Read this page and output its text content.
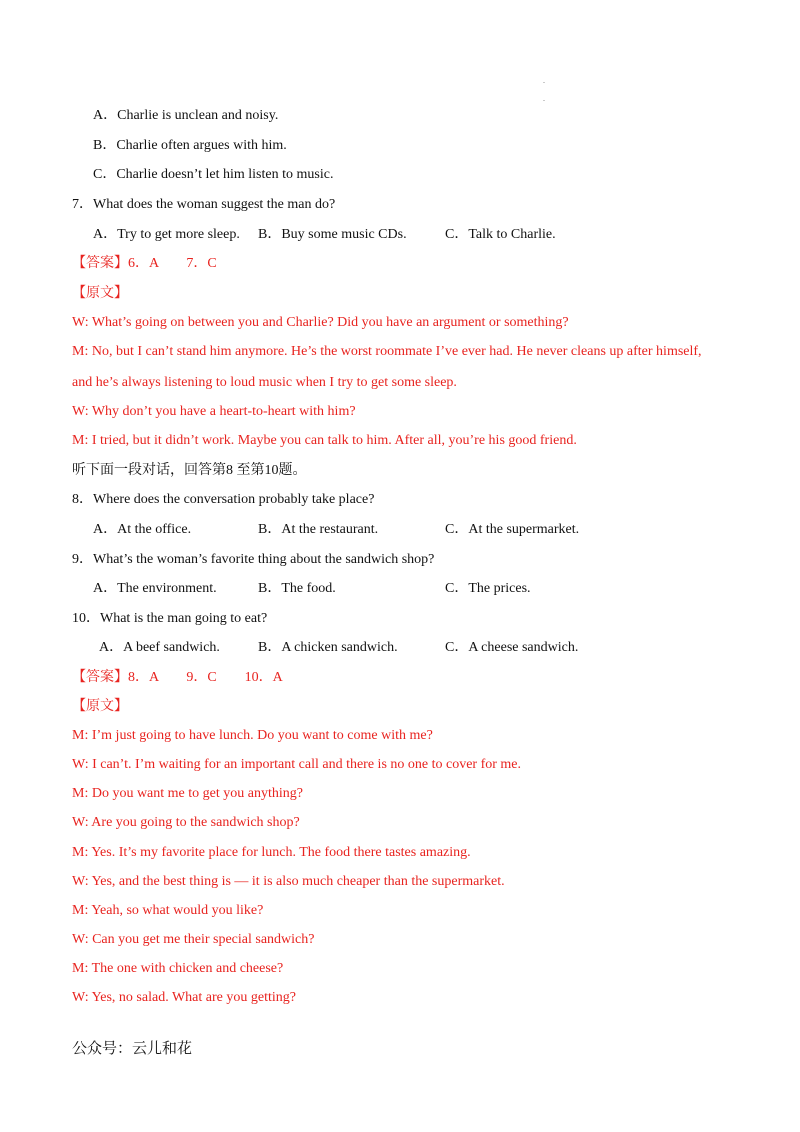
.
.
A．Charlie is unclean and noisy.
B．Charlie often argues with him.
C．Charlie doesn’t let him listen to music.
7．What does the woman suggest the man do?
A．Try to get more sleep. B．Buy some music CDs.	C．Talk to Charlie.
【答案】6．A　　7．C
【原文】
W: What’s going on between you and Charlie? Did you have an argument or something?
M: No, but I can’t stand him anymore. He’s the worst roommate I’ve ever had. He never cleans up after himself,
and he’s always listening to loud music when I try to get some sleep.
W: Why don’t you have a heart-to-heart with him?
M: I tried, but it didn’t work. Maybe you can talk to him. After all, you’re his good friend.
听下面一段对话，回答第8 至第10题。
8．Where does the conversation probably take place?
A．At the office.	B．At the restaurant.	C．At the supermarket.
9．What’s the woman’s favorite thing about the sandwich shop?
A．The environment.	B．The food.	C．The prices.
10．What is the man going to eat?
A．A beef sandwich.	B．A chicken sandwich.	C．A cheese sandwich.
【答案】8．A　　9．C　　10．A
【原文】
M: I’m just going to have lunch. Do you want to come with me?
W: I can’t. I’m waiting for an important call and there is no one to cover for me.
M: Do you want me to get you anything?
W: Are you going to the sandwich shop?
M: Yes. It’s my favorite place for lunch. The food there tastes amazing.
W: Yes, and the best thing is — it is also much cheaper than the supermarket.
M: Yeah, so what would you like?
W: Can you get me their special sandwich?
M: The one with chicken and cheese?
W: Yes, no salad. What are you getting?
公众号：云儿和花
